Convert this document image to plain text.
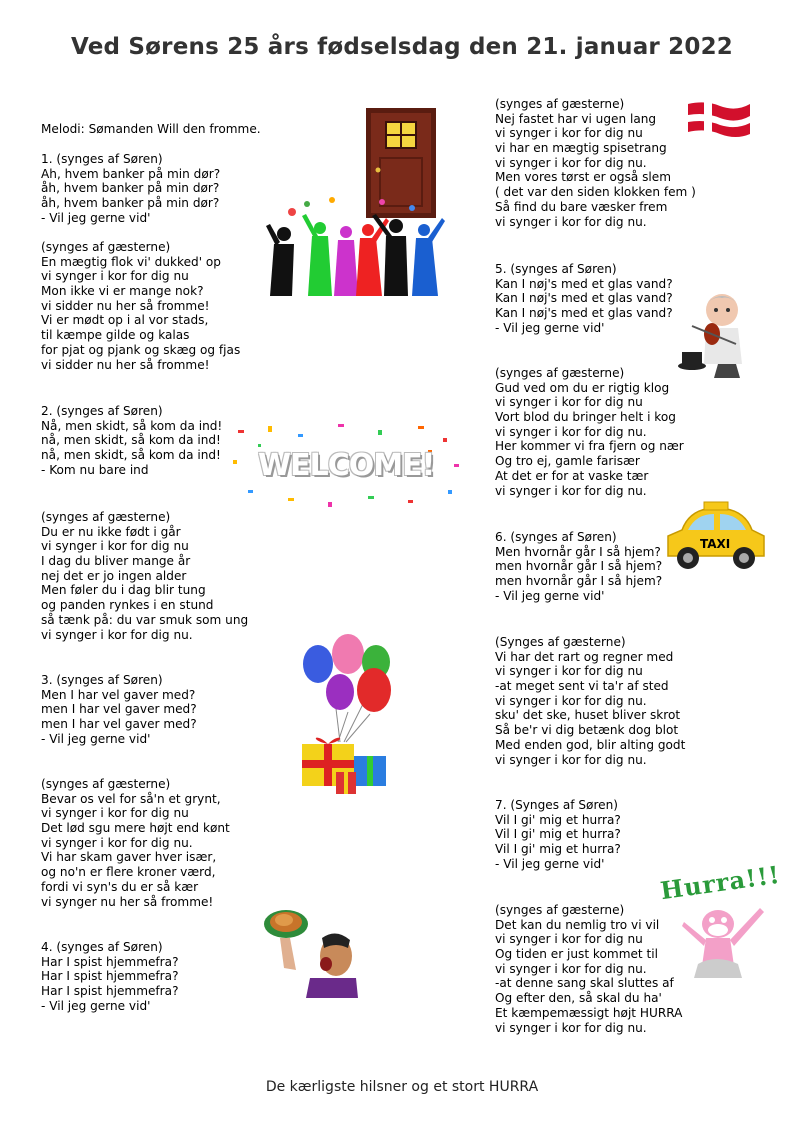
Ved Sørens 25 års fødselsdag den 21. januar 2022
Melodi: Sømanden Will den fromme.
1. (synges af Søren)
Ah, hvem banker på min dør?
åh, hvem banker på min dør?
åh, hvem banker på min dør?
- Vil jeg gerne vid'
(synges af gæsterne)
En mægtig flok vi' dukked' op
vi synger i kor for dig nu
Mon ikke vi er mange nok?
vi sidder nu her så fromme!
Vi er mødt op i al vor stads,
til kæmpe gilde og kalas
for pjat og pjank og skæg og fjas
vi sidder nu her så fromme!
2. (synges af Søren)
Nå, men skidt, så kom da ind!
nå, men skidt, så kom da ind!
nå, men skidt, så kom da ind!
- Kom nu bare ind
(synges af gæsterne)
Du er nu ikke født i går
vi synger i kor for dig nu
I dag du bliver mange år
nej det er jo ingen alder
Men føler du i dag blir tung
og panden rynkes i en stund
så tænk på: du var smuk som ung
vi synger i kor for dig nu.
3. (synges af Søren)
Men I har vel gaver med?
men I har vel gaver med?
men I har vel gaver med?
- Vil jeg gerne vid'
(synges af gæsterne)
Bevar os vel for så'n et grynt,
vi synger i kor for dig nu
Det lød sgu mere højt end kønt
vi synger i kor for dig nu.
Vi har skam gaver hver især,
og no'n er flere kroner værd,
fordi vi syn's du er så kær
vi synger nu her så fromme!
4. (synges af Søren)
Har I spist hjemmefra?
Har I spist hjemmefra?
Har I spist hjemmefra?
- Vil jeg gerne vid'
(synges af gæsterne)
Nej fastet har vi ugen lang
vi synger i kor for dig nu
vi har en mægtig spisetrang
vi synger i kor for dig nu.
Men vores tørst er også slem
( det var den siden klokken fem )
Så find du bare væsker frem
vi synger i kor for dig nu.
5. (synges af Søren)
Kan I nøj's med et glas vand?
Kan I nøj's med et glas vand?
Kan I nøj's med et glas vand?
- Vil jeg gerne vid'
(synges af gæsterne)
Gud ved om du er rigtig klog
vi synger i kor for dig nu
Vort blod du bringer helt i kog
vi synger i kor for dig nu.
Her kommer vi fra fjern og nær
Og tro ej, gamle farisær
At det er for at vaske tær
vi synger i kor for dig nu.
6. (synges af Søren)
Men hvornår går I så hjem?
men hvornår går I så hjem?
men hvornår går I så hjem?
- Vil jeg gerne vid'
(Synges af gæsterne)
Vi har det rart og regner med
vi synger i kor for dig nu
-at meget sent vi ta'r af sted
vi synger i kor for dig nu.
sku' det ske, huset bliver skrot
Så be'r vi dig betænk dog blot
Med enden god, blir alting godt
vi synger i kor for dig nu.
7. (Synges af Søren)
Vil I gi' mig et hurra?
Vil I gi' mig et hurra?
Vil I gi' mig et hurra?
- Vil jeg gerne vid'
(synges af gæsterne)
Det kan du nemlig tro vi vil
vi synger i kor for dig nu
Og tiden er just kommet til
vi synger i kor for dig nu.
-at denne sang skal sluttes af
Og efter den, så skal du ha'
Et kæmpemæssigt højt HURRA
vi synger i kor for dig nu.
WELCOME!
TAXI
Hurra!!!
De kærligste hilsner og et stort HURRA
